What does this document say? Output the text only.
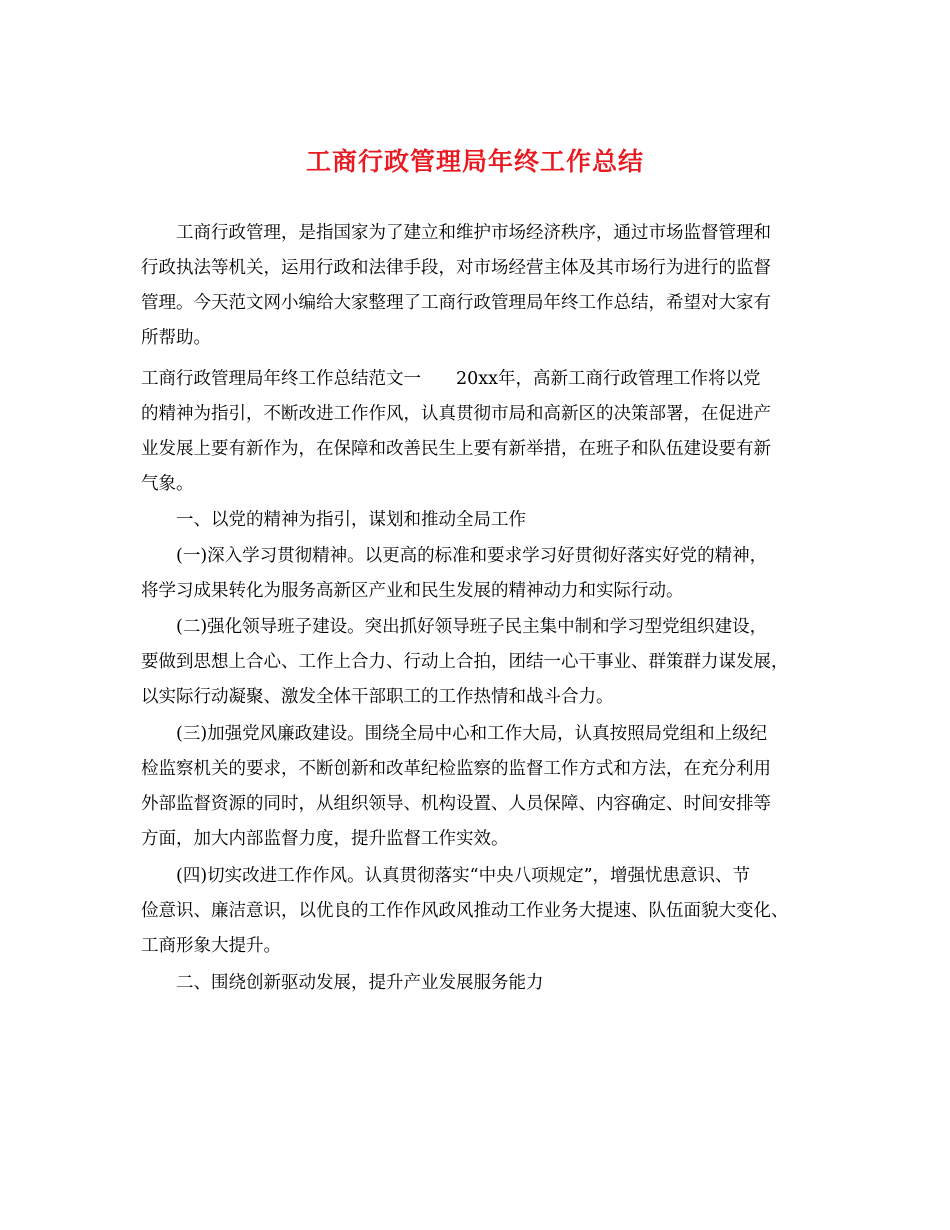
工商行政管理局年终工作总结
工商行政管理，是指国家为了建立和维护市场经济秩序，通过市场监督管理和
行政执法等机关，运用行政和法律手段，对市场经营主体及其市场行为进行的监督
管理。今天范文网小编给大家整理了工商行政管理局年终工作总结，希望对大家有
所帮助。
工商行政管理局年终工作总结范文一　　20xx年，高新工商行政管理工作将以党
的精神为指引，不断改进工作作风，认真贯彻市局和高新区的决策部署，在促进产
业发展上要有新作为，在保障和改善民生上要有新举措，在班子和队伍建设要有新
气象。
一、以党的精神为指引，谋划和推动全局工作
(一)深入学习贯彻精神。以更高的标准和要求学习好贯彻好落实好党的精神，
将学习成果转化为服务高新区产业和民生发展的精神动力和实际行动。
(二)强化领导班子建设。突出抓好领导班子民主集中制和学习型党组织建设，
要做到思想上合心、工作上合力、行动上合拍，团结一心干事业、群策群力谋发展，
以实际行动凝聚、激发全体干部职工的工作热情和战斗合力。
(三)加强党风廉政建设。围绕全局中心和工作大局，认真按照局党组和上级纪
检监察机关的要求，不断创新和改革纪检监察的监督工作方式和方法，在充分利用
外部监督资源的同时，从组织领导、机构设置、人员保障、内容确定、时间安排等
方面，加大内部监督力度，提升监督工作实效。
(四)切实改进工作作风。认真贯彻落实“中央八项规定”，增强忧患意识、节
俭意识、廉洁意识，以优良的工作作风政风推动工作业务大提速、队伍面貌大变化、
工商形象大提升。
二、围绕创新驱动发展，提升产业发展服务能力
